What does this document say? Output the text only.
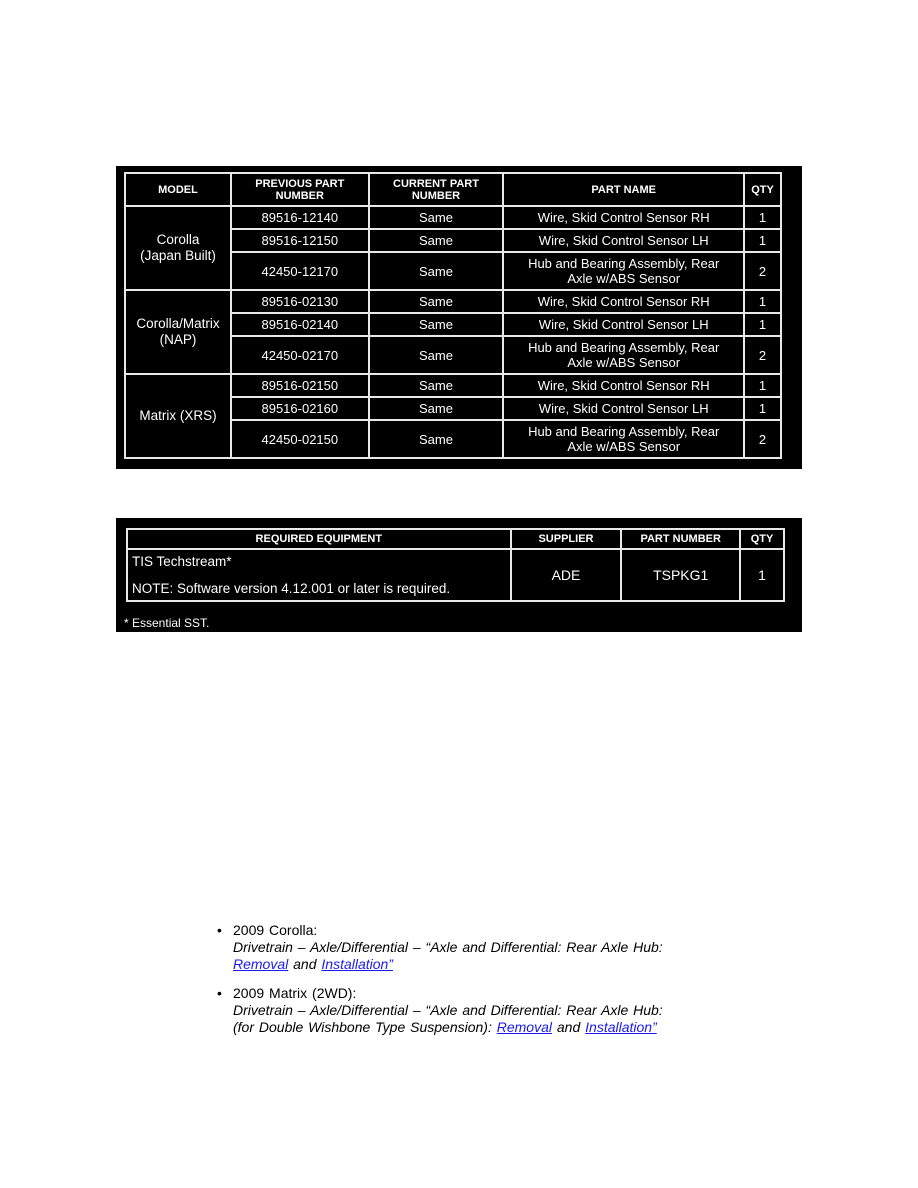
MODEL	PREVIOUS PART NUMBER	CURRENT PART NUMBER	PART NAME	QTY
Corolla (Japan Built)	89516-12140	Same	Wire, Skid Control Sensor RH	1
	89516-12150	Same	Wire, Skid Control Sensor LH	1
	42450-12170	Same	Hub and Bearing Assembly, Rear Axle w/ABS Sensor	2
Corolla/Matrix (NAP)	89516-02130	Same	Wire, Skid Control Sensor RH	1
	89516-02140	Same	Wire, Skid Control Sensor LH	1
	42450-02170	Same	Hub and Bearing Assembly, Rear Axle w/ABS Sensor	2
Matrix (XRS)	89516-02150	Same	Wire, Skid Control Sensor RH	1
	89516-02160	Same	Wire, Skid Control Sensor LH	1
	42450-02150	Same	Hub and Bearing Assembly, Rear Axle w/ABS Sensor	2
REQUIRED EQUIPMENT	SUPPLIER	PART NUMBER	QTY

TIS Techstream*
NOTE: Software version 4.12.001 or later is required.	ADE	TSPKG1	1
* Essential SST.
• 2009 Corolla:
Drivetrain – Axle/Differential – “Axle and Differential: Rear Axle Hub:
Removal and Installation”
• 2009 Matrix (2WD):
Drivetrain – Axle/Differential – “Axle and Differential: Rear Axle Hub:
(for Double Wishbone Type Suspension): Removal and Installation”
